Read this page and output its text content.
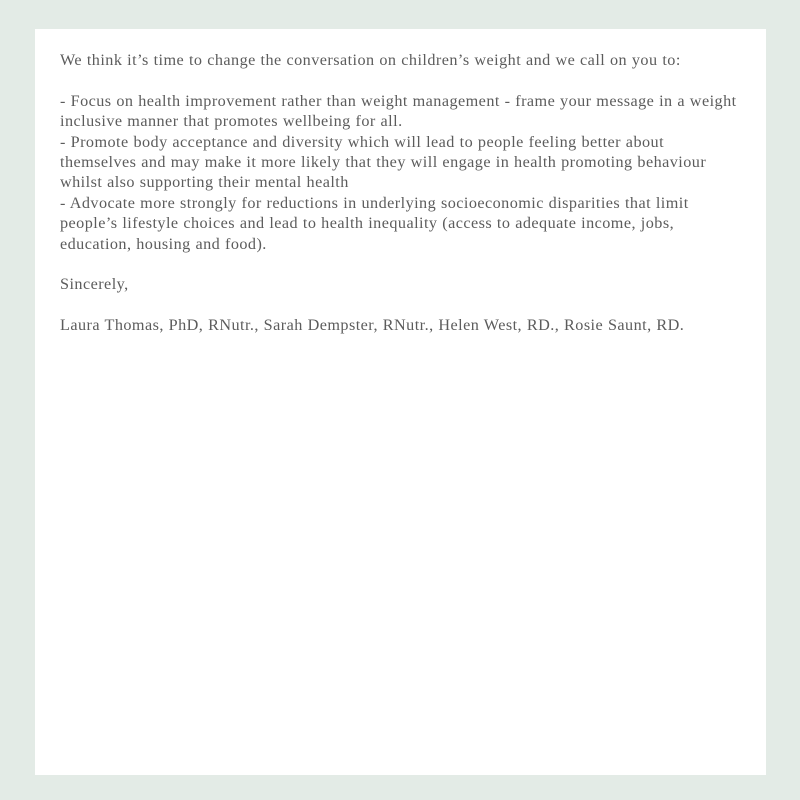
We think it’s time to change the conversation on children’s weight and we call on you to:

- Focus on health improvement rather than weight management - frame your message in a weight inclusive manner that promotes wellbeing for all.

- Promote body acceptance and diversity which will lead to people feeling better about themselves and may make it more likely that they will engage in health promoting behaviour whilst also supporting their mental health

- Advocate more strongly for reductions in underlying socioeconomic disparities that limit people’s lifestyle choices and lead to health inequality (access to adequate income, jobs, education, housing and food).

Sincerely,

Laura Thomas, PhD, RNutr., Sarah Dempster, RNutr., Helen West, RD., Rosie Saunt, RD.
